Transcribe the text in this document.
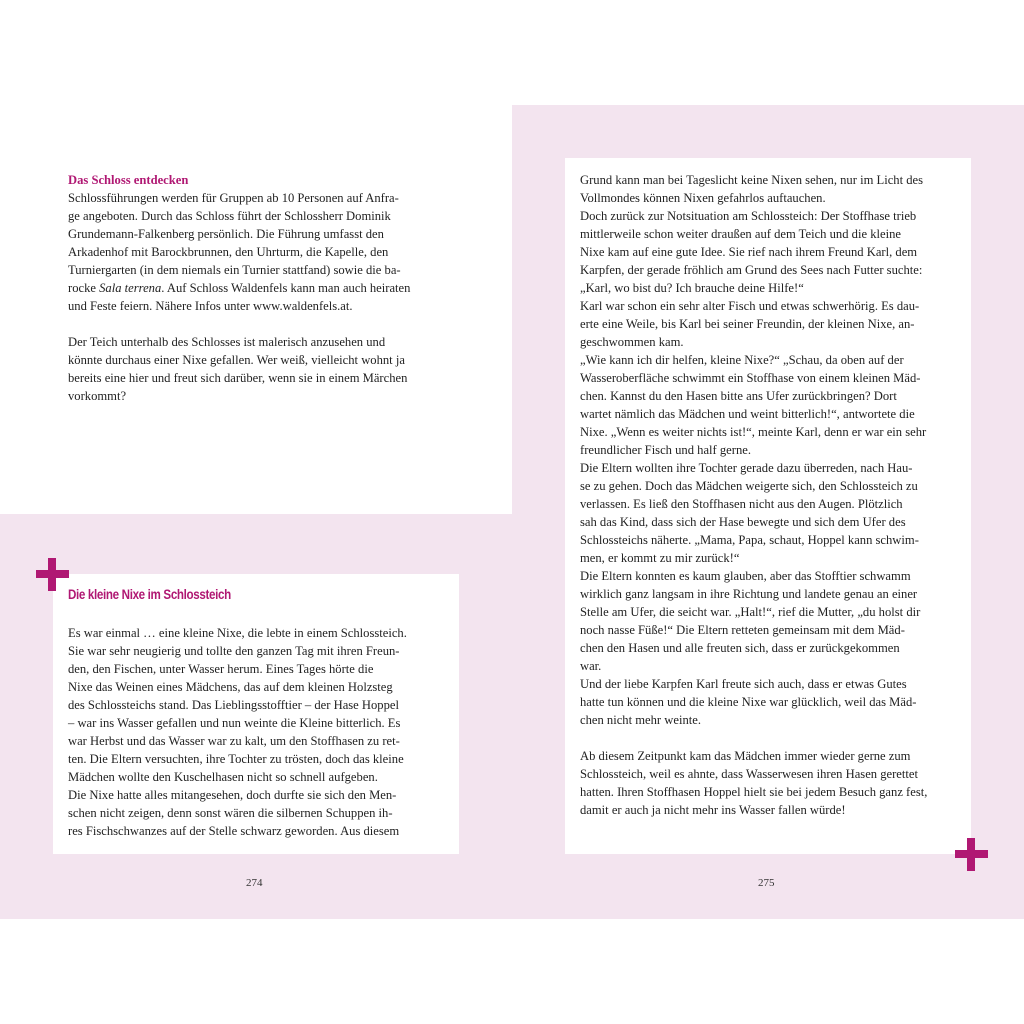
Das Schloss entdecken

Schlossführungen werden für Gruppen ab 10 Personen auf Anfra-

ge angeboten. Durch das Schloss führt der Schlossherr Dominik

Grundemann-Falkenberg persönlich. Die Führung umfasst den

Arkadenhof mit Barockbrunnen, den Uhrturm, die Kapelle, den

Turniergarten (in dem niemals ein Turnier stattfand) sowie die ba-

rocke Sala terrena. Auf Schloss Waldenfels kann man auch heiraten

und Feste feiern. Nähere Infos unter www.waldenfels.at.

Der Teich unterhalb des Schlosses ist malerisch anzusehen und

könnte durchaus einer Nixe gefallen. Wer weiß, vielleicht wohnt ja

bereits eine hier und freut sich darüber, wenn sie in einem Märchen

vorkommt?

Die kleine Nixe im Schlossteich

Es war einmal … eine kleine Nixe, die lebte in einem Schlossteich.

Sie war sehr neugierig und tollte den ganzen Tag mit ihren Freun-

den, den Fischen, unter Wasser herum. Eines Tages hörte die

Nixe das Weinen eines Mädchens, das auf dem kleinen Holzsteg

des Schlossteichs stand. Das Lieblingsstofftier – der Hase Hoppel

– war ins Wasser gefallen und nun weinte die Kleine bitterlich. Es

war Herbst und das Wasser war zu kalt, um den Stoffhasen zu ret-

ten. Die Eltern versuchten, ihre Tochter zu trösten, doch das kleine

Mädchen wollte den Kuschelhasen nicht so schnell aufgeben.

Die Nixe hatte alles mitangesehen, doch durfte sie sich den Men-

schen nicht zeigen, denn sonst wären die silbernen Schuppen ih-

res Fischschwanzes auf der Stelle schwarz geworden. Aus diesem

Grund kann man bei Tageslicht keine Nixen sehen, nur im Licht des

Vollmondes können Nixen gefahrlos auftauchen.

Doch zurück zur Notsituation am Schlossteich: Der Stoffhase trieb

mittlerweile schon weiter draußen auf dem Teich und die kleine

Nixe kam auf eine gute Idee. Sie rief nach ihrem Freund Karl, dem

Karpfen, der gerade fröhlich am Grund des Sees nach Futter suchte:

„Karl, wo bist du? Ich brauche deine Hilfe!“

Karl war schon ein sehr alter Fisch und etwas schwerhörig. Es dau-

erte eine Weile, bis Karl bei seiner Freundin, der kleinen Nixe, an-

geschwommen kam.

„Wie kann ich dir helfen, kleine Nixe?“ „Schau, da oben auf der

Wasseroberfläche schwimmt ein Stoffhase von einem kleinen Mäd-

chen. Kannst du den Hasen bitte ans Ufer zurückbringen? Dort

wartet nämlich das Mädchen und weint bitterlich!“, antwortete die

Nixe. „Wenn es weiter nichts ist!“, meinte Karl, denn er war ein sehr

freundlicher Fisch und half gerne.

Die Eltern wollten ihre Tochter gerade dazu überreden, nach Hau-

se zu gehen. Doch das Mädchen weigerte sich, den Schlossteich zu

verlassen. Es ließ den Stoffhasen nicht aus den Augen. Plötzlich

sah das Kind, dass sich der Hase bewegte und sich dem Ufer des

Schlossteichs näherte. „Mama, Papa, schaut, Hoppel kann schwim-

men, er kommt zu mir zurück!“

Die Eltern konnten es kaum glauben, aber das Stofftier schwamm

wirklich ganz langsam in ihre Richtung und landete genau an einer

Stelle am Ufer, die seicht war. „Halt!“, rief die Mutter, „du holst dir

noch nasse Füße!“ Die Eltern retteten gemeinsam mit dem Mäd-

chen den Hasen und alle freuten sich, dass er zurückgekommen

war.

Und der liebe Karpfen Karl freute sich auch, dass er etwas Gutes

hatte tun können und die kleine Nixe war glücklich, weil das Mäd-

chen nicht mehr weinte.

Ab diesem Zeitpunkt kam das Mädchen immer wieder gerne zum

Schlossteich, weil es ahnte, dass Wasserwesen ihren Hasen gerettet

hatten. Ihren Stoffhasen Hoppel hielt sie bei jedem Besuch ganz fest,

damit er auch ja nicht mehr ins Wasser fallen würde!

274	275
